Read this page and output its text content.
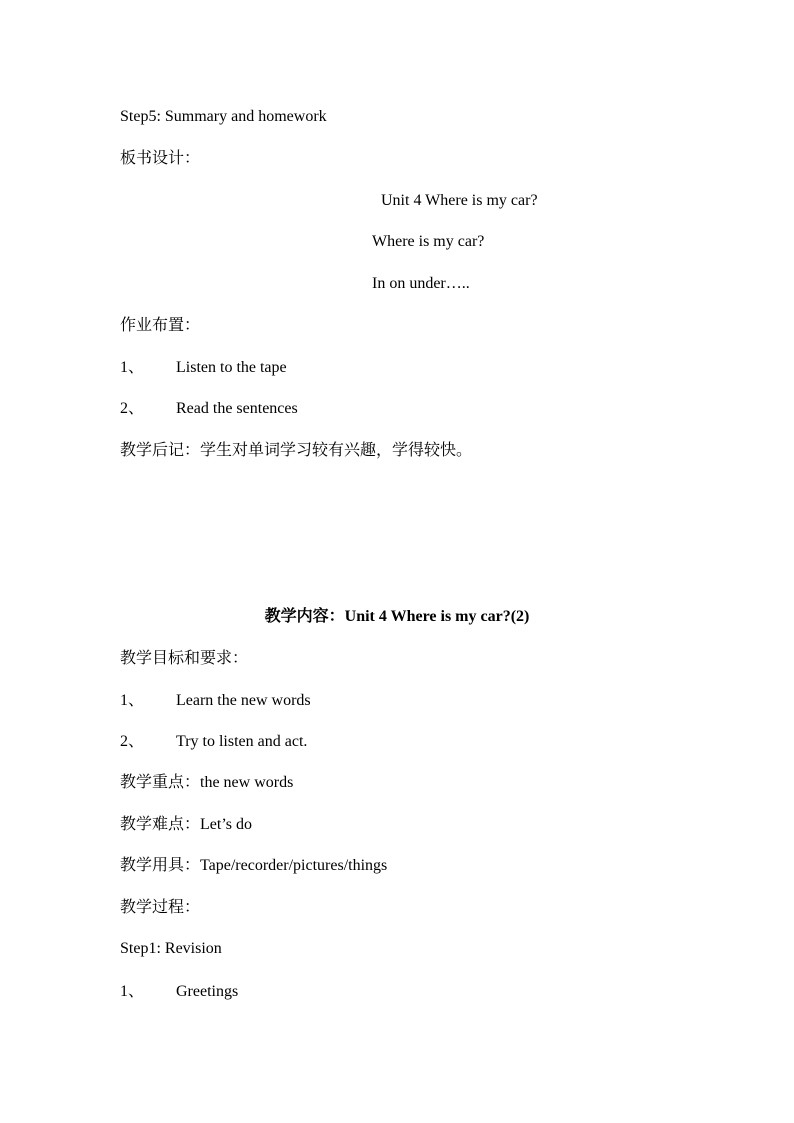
Step5: Summary and homework
板书设计：
Unit 4 Where is my car?
Where is my car?
In on under…..
作业布置：
1、 Listen to the tape
2、 Read the sentences
教学后记：学生对单词学习较有兴趣，学得较快。
教学内容：Unit 4 Where is my car?(2)
教学目标和要求：
1、 Learn the new words
2、 Try to listen and act.
教学重点：the new words
教学难点：Let’s do
教学用具：Tape/recorder/pictures/things
教学过程：
Step1: Revision
1、 Greetings
